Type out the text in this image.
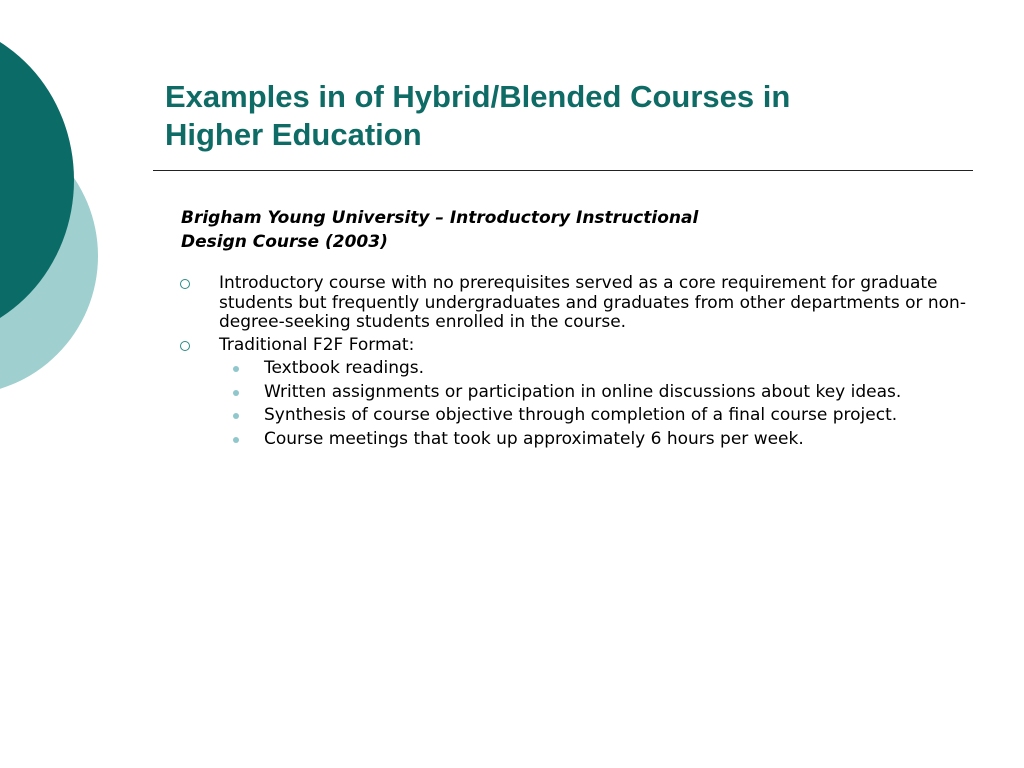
Examples in of Hybrid/Blended Courses in
Higher Education
Brigham Young University – Introductory Instructional
Design Course (2003)
Introductory course with no prerequisites served as a core requirement for graduate students but frequently undergraduates and graduates from other departments or non-degree-seeking students enrolled in the course.
Traditional F2F Format:
Textbook readings.
Written assignments or participation in online discussions about key ideas.
Synthesis of course objective through completion of a final course project.
Course meetings that took up approximately 6 hours per week.
